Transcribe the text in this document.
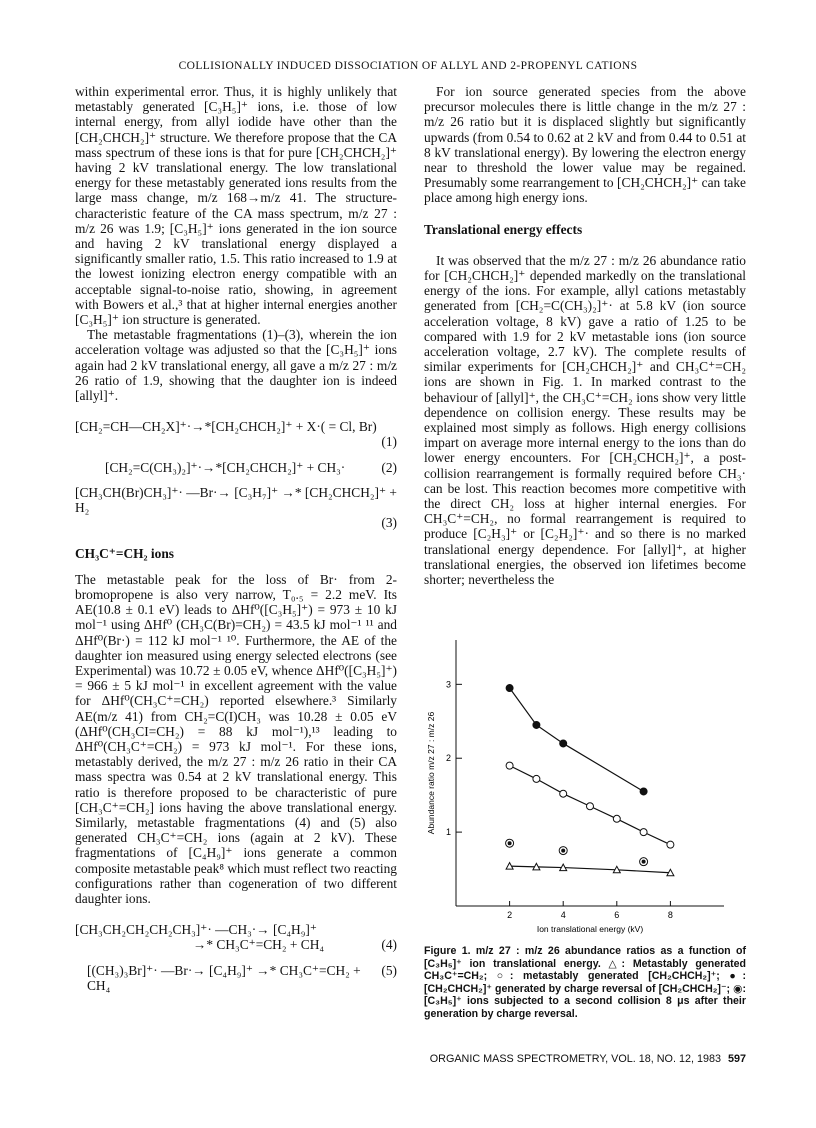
COLLISIONALLY INDUCED DISSOCIATION OF ALLYL AND 2-PROPENYL CATIONS

within experimental error. Thus, it is highly unlikely that metastably generated [C₃H₅]⁺ ions, i.e. those of low internal energy, from allyl iodide have other than the [CH₂CHCH₂]⁺ structure. We therefore propose that the CA mass spectrum of these ions is that for pure [CH₂CHCH₂]⁺ having 2 kV translational energy. The low translational energy for these metastably generated ions results from the large mass change, m/z 168→m/z 41. The structure-characteristic feature of the CA mass spectrum, m/z 27 : m/z 26 was 1.9; [C₃H₅]⁺ ions generated in the ion source and having 2 kV translational energy displayed a significantly smaller ratio, 1.5. This ratio increased to 1.9 at the lowest ionizing electron energy compatible with an acceptable signal-to-noise ratio, showing, in agreement with Bowers et al.,³ that at higher internal energies another [C₃H₅]⁺ ion structure is generated.

The metastable fragmentations (1)–(3), wherein the ion acceleration voltage was adjusted so that the [C₃H₅]⁺ ions again had 2 kV translational energy, all gave a m/z 27 : m/z 26 ratio of 1.9, showing that the daughter ion is indeed [allyl]⁺.

[CH₂=CH—CH₂X]⁺·→*[CH₂CHCH₂]⁺ + X·( = Cl, Br)
(1)
[CH₂=C(CH₃)₂]⁺·→*[CH₂CHCH₂]⁺ + CH₃·	(2)
[CH₃CH(Br)CH₃]⁺· —Br·→ [C₃H₇]⁺ →* [CH₂CHCH₂]⁺ + H₂
(3)
CH₃C⁺=CH₂ ions

The metastable peak for the loss of Br· from 2-bromopropene is also very narrow, T₀.₅ = 2.2 meV. Its AE(10.8 ± 0.1 eV) leads to ΔHf⁰([C₃H₅]⁺) = 973 ± 10 kJ mol⁻¹ using ΔHf⁰ (CH₃C(Br)=CH₂) = 43.5 kJ mol⁻¹ ¹¹ and ΔHf⁰(Br·) = 112 kJ mol⁻¹ ¹⁰. Furthermore, the AE of the daughter ion measured using energy selected electrons (see Experimental) was 10.72 ± 0.05 eV, whence ΔHf⁰([C₃H₅]⁺) = 966 ± 5 kJ mol⁻¹ in excellent agreement with the value for ΔHf⁰(CH₃C⁺=CH₂) reported elsewhere.³ Similarly AE(m/z 41) from CH₂=C(I)CH₃ was 10.28 ± 0.05 eV (ΔHf⁰(CH₃CI=CH₂) = 88 kJ mol⁻¹),¹³ leading to ΔHf⁰(CH₃C⁺=CH₂) = 973 kJ mol⁻¹. For these ions, metastably derived, the m/z 27 : m/z 26 ratio in their CA mass spectra was 0.54 at 2 kV translational energy. This ratio is therefore proposed to be characteristic of pure [CH₃C⁺=CH₂] ions having the above translational energy. Similarly, metastable fragmentations (4) and (5) also generated CH₃C⁺=CH₂ ions (again at 2 kV). These fragmentations of [C₄H₉]⁺ ions generate a common composite metastable peak⁸ which must reflect two reacting configurations rather than cogeneration of two different daughter ions.

[CH₃CH₂CH₂CH₂CH₃]⁺· —CH₃·→ [C₄H₉]⁺
→* CH₃C⁺=CH₂ + CH₄	(4)
[(CH₃)₃Br]⁺· —Br·→ [C₄H₉]⁺ →* CH₃C⁺=CH₂ + CH₄
(5)

For ion source generated species from the above precursor molecules there is little change in the m/z 27 : m/z 26 ratio but it is displaced slightly but significantly upwards (from 0.54 to 0.62 at 2 kV and from 0.44 to 0.51 at 8 kV translational energy). By lowering the electron energy near to threshold the lower value may be regained. Presumably some rearrangement to [CH₂CHCH₂]⁺ can take place among high energy ions.

Translational energy effects

It was observed that the m/z 27 : m/z 26 abundance ratio for [CH₂CHCH₂]⁺ depended markedly on the translational energy of the ions. For example, allyl cations metastably generated from [CH₂=C(CH₃)₂]⁺· at 5.8 kV (ion source acceleration voltage, 8 kV) gave a ratio of 1.25 to be compared with 1.9 for 2 kV metastable ions (ion source acceleration voltage, 2.7 kV). The complete results of similar experiments for [CH₂CHCH₂]⁺ and CH₃C⁺=CH₂ ions are shown in Fig. 1. In marked contrast to the behaviour of [allyl]⁺, the CH₃C⁺=CH₂ ions show very little dependence on collision energy. These results may be explained most simply as follows. High energy collisions impart on average more internal energy to the ions than do lower energy encounters. For [CH₂CHCH₂]⁺, a post-collision rearrangement is formally required before CH₃· can be lost. This reaction becomes more competitive with the direct CH₂ loss at higher internal energies. For CH₃C⁺=CH₂, no formal rearrangement is required to produce [C₂H₃]⁺ or [C₂H₂]⁺· and so there is no marked translational energy dependence. For [allyl]⁺, at higher translational energies, the observed ion lifetimes become shorter; nevertheless the

1
2
3
2	4	6	8
Ion translational energy (kV)
Abundance ratio m/z 27 : m/z 26
Figure 1. m/z 27 : m/z 26 abundance ratios as a function of [C₃H₅]⁺ ion translational energy. △: Metastably generated CH₃C⁺=CH₂; ○: metastably generated [CH₂CHCH₂]⁺; ●: [CH₂CHCH₂]⁺ generated by charge reversal of [CH₂CHCH₂]⁻; ◉: [C₃H₅]⁺ ions subjected to a second collision 8 μs after their generation by charge reversal.
ORGANIC MASS SPECTROMETRY, VOL. 18, NO. 12, 1983 597
